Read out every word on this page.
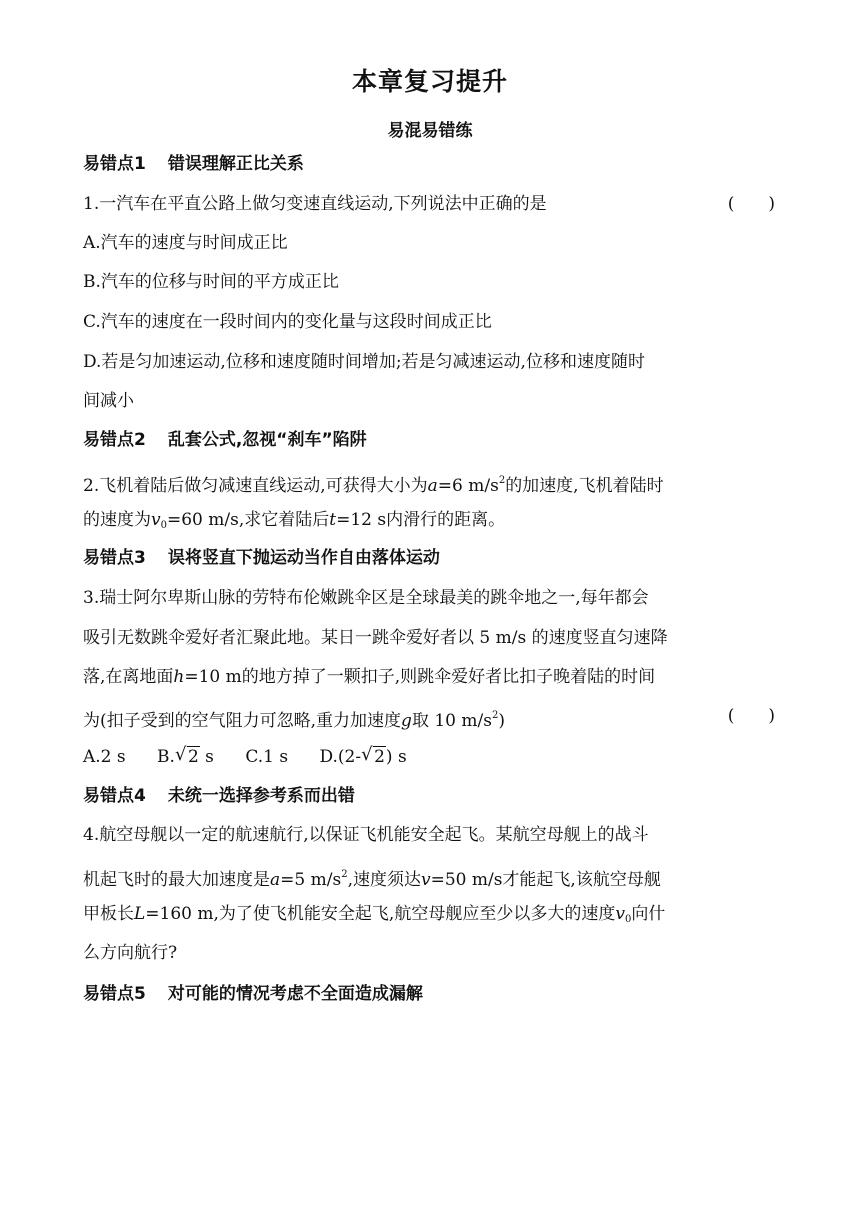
本章复习提升
易混易错练
易错点1 错误理解正比关系
1.一汽车在平直公路上做匀变速直线运动,下列说法中正确的是	(　　)
A.汽车的速度与时间成正比
B.汽车的位移与时间的平方成正比
C.汽车的速度在一段时间内的变化量与这段时间成正比
D.若是匀加速运动,位移和速度随时间增加;若是匀减速运动,位移和速度随时
间减小
易错点2 乱套公式,忽视“刹车”陷阱
2.飞机着陆后做匀减速直线运动,可获得大小为a=6 $m/s^2$的加速度,飞机着陆时
的速度为$v_0=60$ m/s,求它着陆后t=12 s内滑行的距离。
易错点3 误将竖直下抛运动当作自由落体运动
3.瑞士阿尔卑斯山脉的劳特布伦嫩跳伞区是全球最美的跳伞地之一,每年都会
吸引无数跳伞爱好者汇聚此地。某日一跳伞爱好者以 5 m/s 的速度竖直匀速降
落,在离地面h=10 m的地方掉了一颗扣子,则跳伞爱好者比扣子晚着陆的时间
为(扣子受到的空气阻力可忽略,重力加速度g取 10 $m/s^2$)	(　　)
A.2 s B. √ 2 s C.1 s D.(2- √ 2) s
易错点4 未统一选择参考系而出错
4.航空母舰以一定的航速航行,以保证飞机能安全起飞。某航空母舰上的战斗
机起飞时的最大加速度是a=5 $m/s^2$,速度须达v=50 m/s才能起飞,该航空母舰
甲板长L=160 m,为了使飞机能安全起飞,航空母舰应至少以多大的速度$v_0$向什
么方向航行?
易错点5 对可能的情况考虑不全面造成漏解
